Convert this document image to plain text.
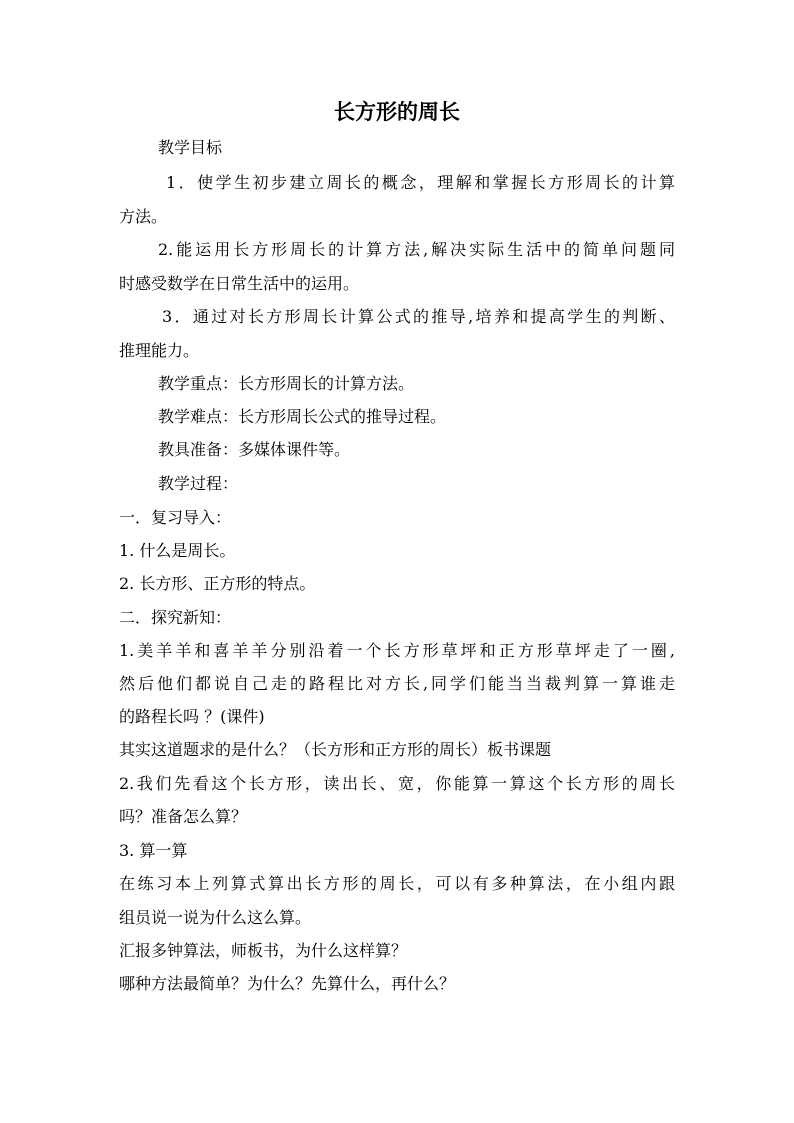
长方形的周长
教学目标
1．使学生初步建立周长的概念，理解和掌握长方形周长的计算
方法。
2.能运用长方形周长的计算方法,解决实际生活中的简单问题同
时感受数学在日常生活中的运用。
3．通过对长方形周长计算公式的推导,培养和提高学生的判断、
推理能力。
教学重点：长方形周长的计算方法。
教学难点：长方形周长公式的推导过程。
教具准备：多媒体课件等。
教学过程：
一．复习导入：
1. 什么是周长。
2. 长方形、正方形的特点。
二．探究新知：
1.美羊羊和喜羊羊分别沿着一个长方形草坪和正方形草坪走了一圈,
然后他们都说自己走的路程比对方长,同学们能当当裁判算一算谁走
的路程长吗 ？(课件)
其实这道题求的是什么？（长方形和正方形的周长）板书课题
2.我们先看这个长方形，读出长、宽，你能算一算这个长方形的周长
吗？准备怎么算？
3. 算一算
在练习本上列算式算出长方形的周长，可以有多种算法，在小组内跟
组员说一说为什么这么算。
汇报多钟算法，师板书，为什么这样算？
哪种方法最简单？为什么？先算什么，再什么？
